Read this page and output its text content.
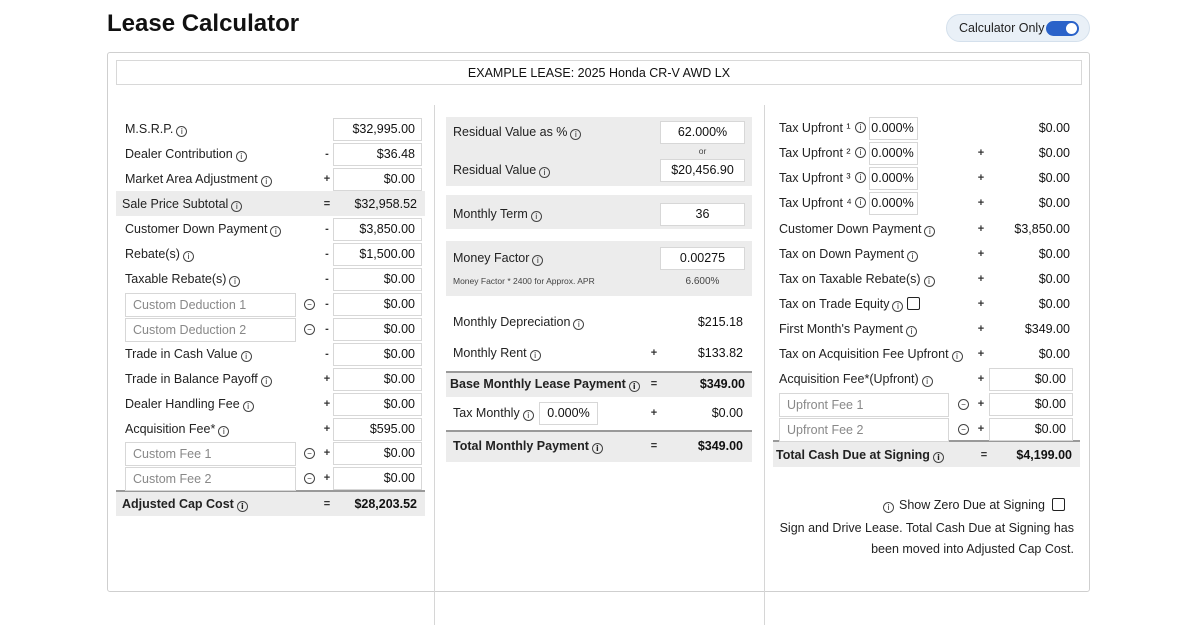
Lease Calculator	Calculator Only
EXAMPLE LEASE: 2025 Honda CR-V AWD LX
M.S.R.P. i	$32,995.00
Dealer Contribution i	-	$36.48
Market Area Adjustment i	+	$0.00
Sale Price Subtotal i	=	$32,958.52
Customer Down Payment i	-	$3,850.00
Rebate(s) i	-	$1,500.00
Taxable Rebate(s) i	-	$0.00
Custom Deduction 1	−	-	$0.00
Custom Deduction 2	−	-	$0.00
Trade in Cash Value i	-	$0.00
Trade in Balance Payoff i	+	$0.00
Dealer Handling Fee i	+	$0.00
Acquisition Fee* i	+	$595.00
Custom Fee 1	− +	$0.00
Custom Fee 2	− +	$0.00
Adjusted Cap Cost i	=	$28,203.52
Residual Value as % i	62.000%
or
Residual Value i	$20,456.90
Monthly Term i	36
Money Factor i	0.00275
Money Factor * 2400 for Approx. APR	6.600%
Monthly Depreciation i	$215.18
Monthly Rent i	+	$133.82
Base Monthly Lease Payment i	=	$349.00
Tax Monthly i	0.000%	+	$0.00
Total Monthly Payment i	=	$349.00
Tax Upfront ¹	i 0.000%	$0.00
Tax Upfront ²	i 0.000%	+	$0.00
Tax Upfront ³	i 0.000%	+	$0.00
Tax Upfront ⁴ i 0.000%	+	$0.00
Customer Down Payment i	+	$3,850.00
Tax on Down Payment i	+	$0.00
Tax on Taxable Rebate(s) i	+	$0.00
Tax on Trade Equity i	+	$0.00
First Month's Payment i	+	$349.00
Tax on Acquisition Fee Upfront i	+	$0.00
Acquisition Fee*(Upfront) i	+	$0.00
Upfront Fee 1	− +	$0.00
Upfront Fee 2	− +	$0.00
Total Cash Due at Signing i	=	$4,199.00
i Show Zero Due at Signing
Sign and Drive Lease. Total Cash Due at Signing has
been moved into Adjusted Cap Cost.
